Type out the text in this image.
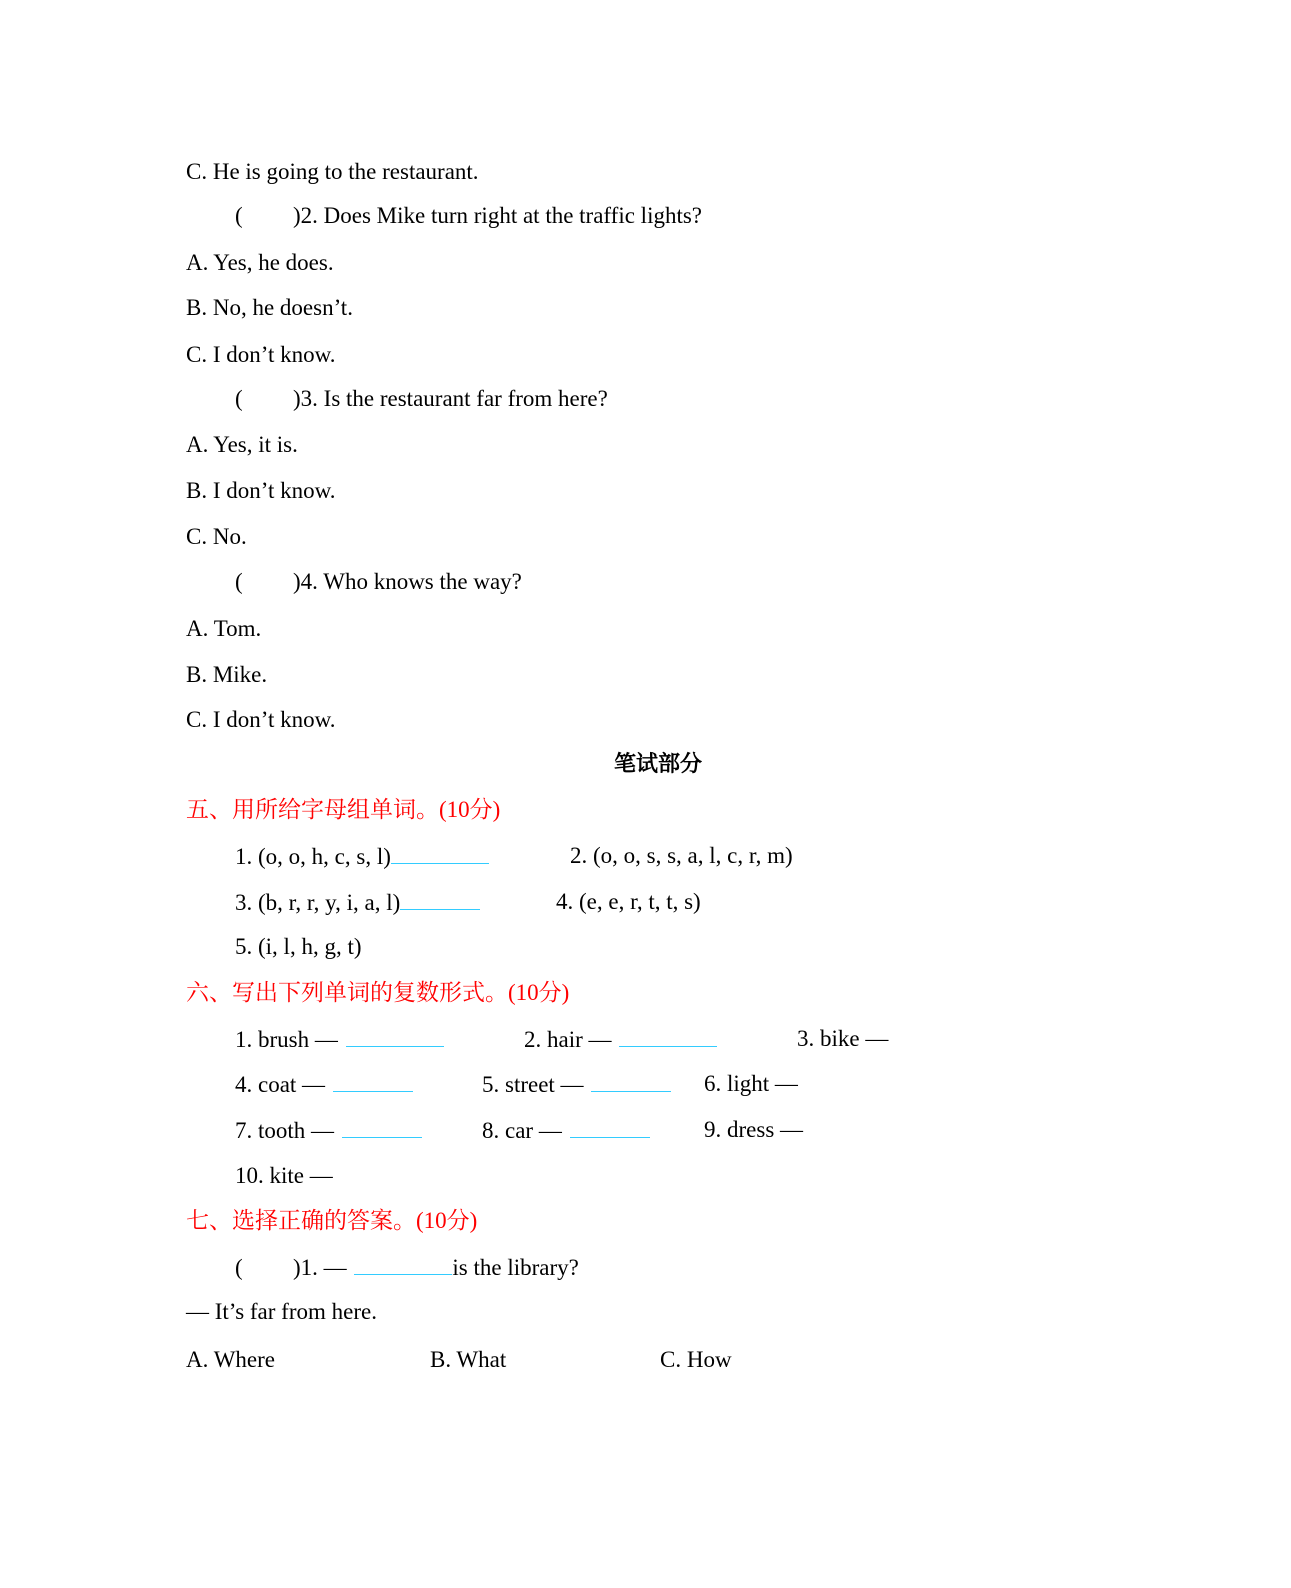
C. He is going to the restaurant.
( )2. Does Mike turn right at the traffic lights?
A. Yes, he does.
B. No, he doesn’t.
C. I don’t know.
( )3. Is the restaurant far from here?
A. Yes, it is.
B. I don’t know.
C. No.
( )4. Who knows the way?
A. Tom.
B. Mike.
C. I don’t know.
笔试部分
五、用所给字母组单词。(10分)
1. (o, o, h, c, s, l)	2. (o, o, s, s, a, l, c, r, m)
3. (b, r, r, y, i, a, l)	4. (e, e, r, t, t, s)
5. (i, l, h, g, t)
六、写出下列单词的复数形式。(10分)
1. brush —	2. hair —	3. bike —
4. coat —	5. street —	6. light —
7. tooth —	8. car —	9. dress —
10. kite —
七、选择正确的答案。(10分)
( )1. —	is the library?
— It’s far from here.
A. Where	B. What	C. How
